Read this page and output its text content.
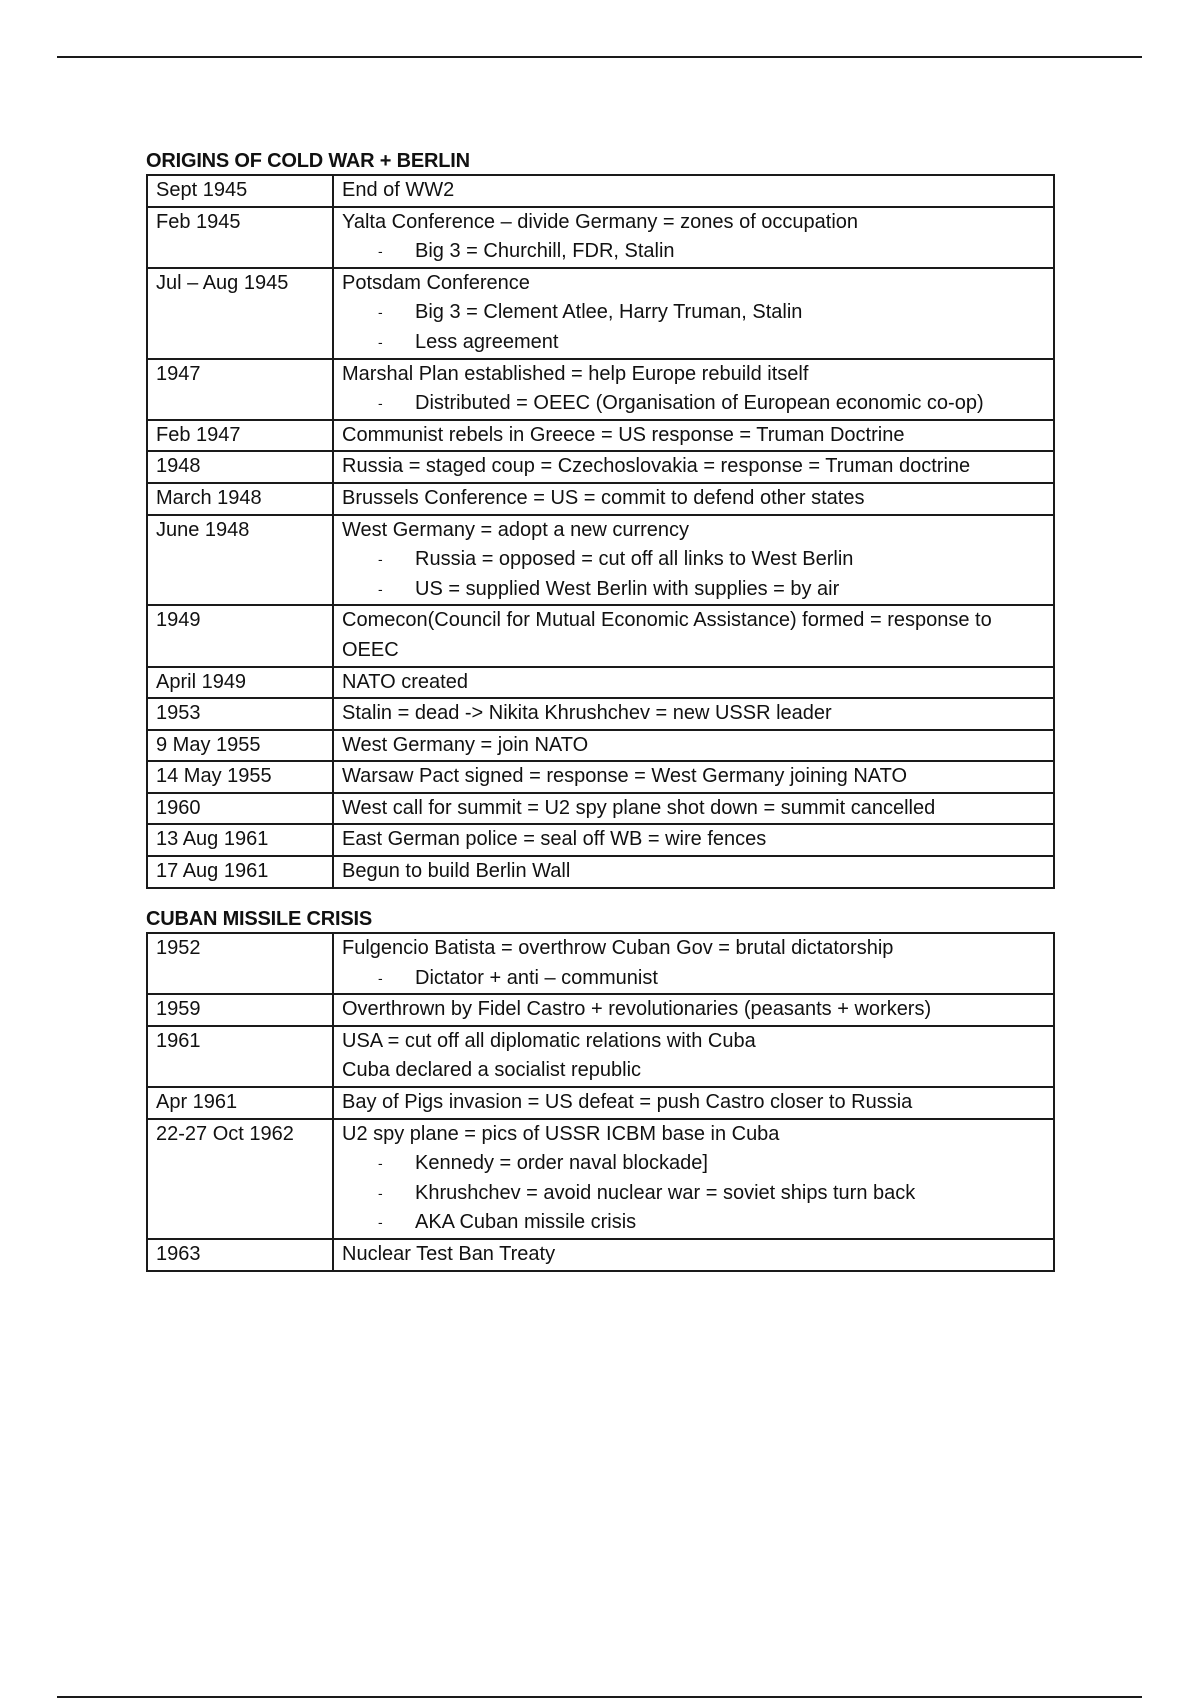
ORIGINS OF COLD WAR + BERLIN
Sept 1945	End of WW2

Feb 1945	Yalta Conference – divide Germany = zones of occupation
- Big 3 = Churchill, FDR, Stalin

Jul – Aug 1945	Potsdam Conference
- Big 3 = Clement Atlee, Harry Truman, Stalin
- Less agreement

1947	Marshal Plan established = help Europe rebuild itself
- Distributed = OEEC (Organisation of European economic co-op)

Feb 1947	Communist rebels in Greece = US response = Truman Doctrine

1948	Russia = staged coup = Czechoslovakia = response = Truman doctrine

March 1948	Brussels Conference = US = commit to defend other states

June 1948	West Germany = adopt a new currency
- Russia = opposed = cut off all links to West Berlin
- US = supplied West Berlin with supplies = by air

1949	Comecon(Council for Mutual Economic Assistance) formed = response to OEEC

April 1949	NATO created

1953	Stalin = dead -> Nikita Khrushchev = new USSR leader

9 May 1955	West Germany = join NATO

14 May 1955	Warsaw Pact signed = response = West Germany joining NATO

1960	West call for summit = U2 spy plane shot down = summit cancelled

13 Aug 1961	East German police = seal off WB = wire fences

17 Aug 1961	Begun to build Berlin Wall
CUBAN MISSILE CRISIS
1952	Fulgencio Batista = overthrow Cuban Gov = brutal dictatorship
- Dictator + anti – communist

1959	Overthrown by Fidel Castro + revolutionaries (peasants + workers)

1961	USA = cut off all diplomatic relations with Cuba
Cuba declared a socialist republic

Apr 1961	Bay of Pigs invasion = US defeat = push Castro closer to Russia

22-27 Oct 1962	U2 spy plane = pics of USSR ICBM base in Cuba
- Kennedy = order naval blockade]
- Khrushchev = avoid nuclear war = soviet ships turn back
- AKA Cuban missile crisis

1963	Nuclear Test Ban Treaty
